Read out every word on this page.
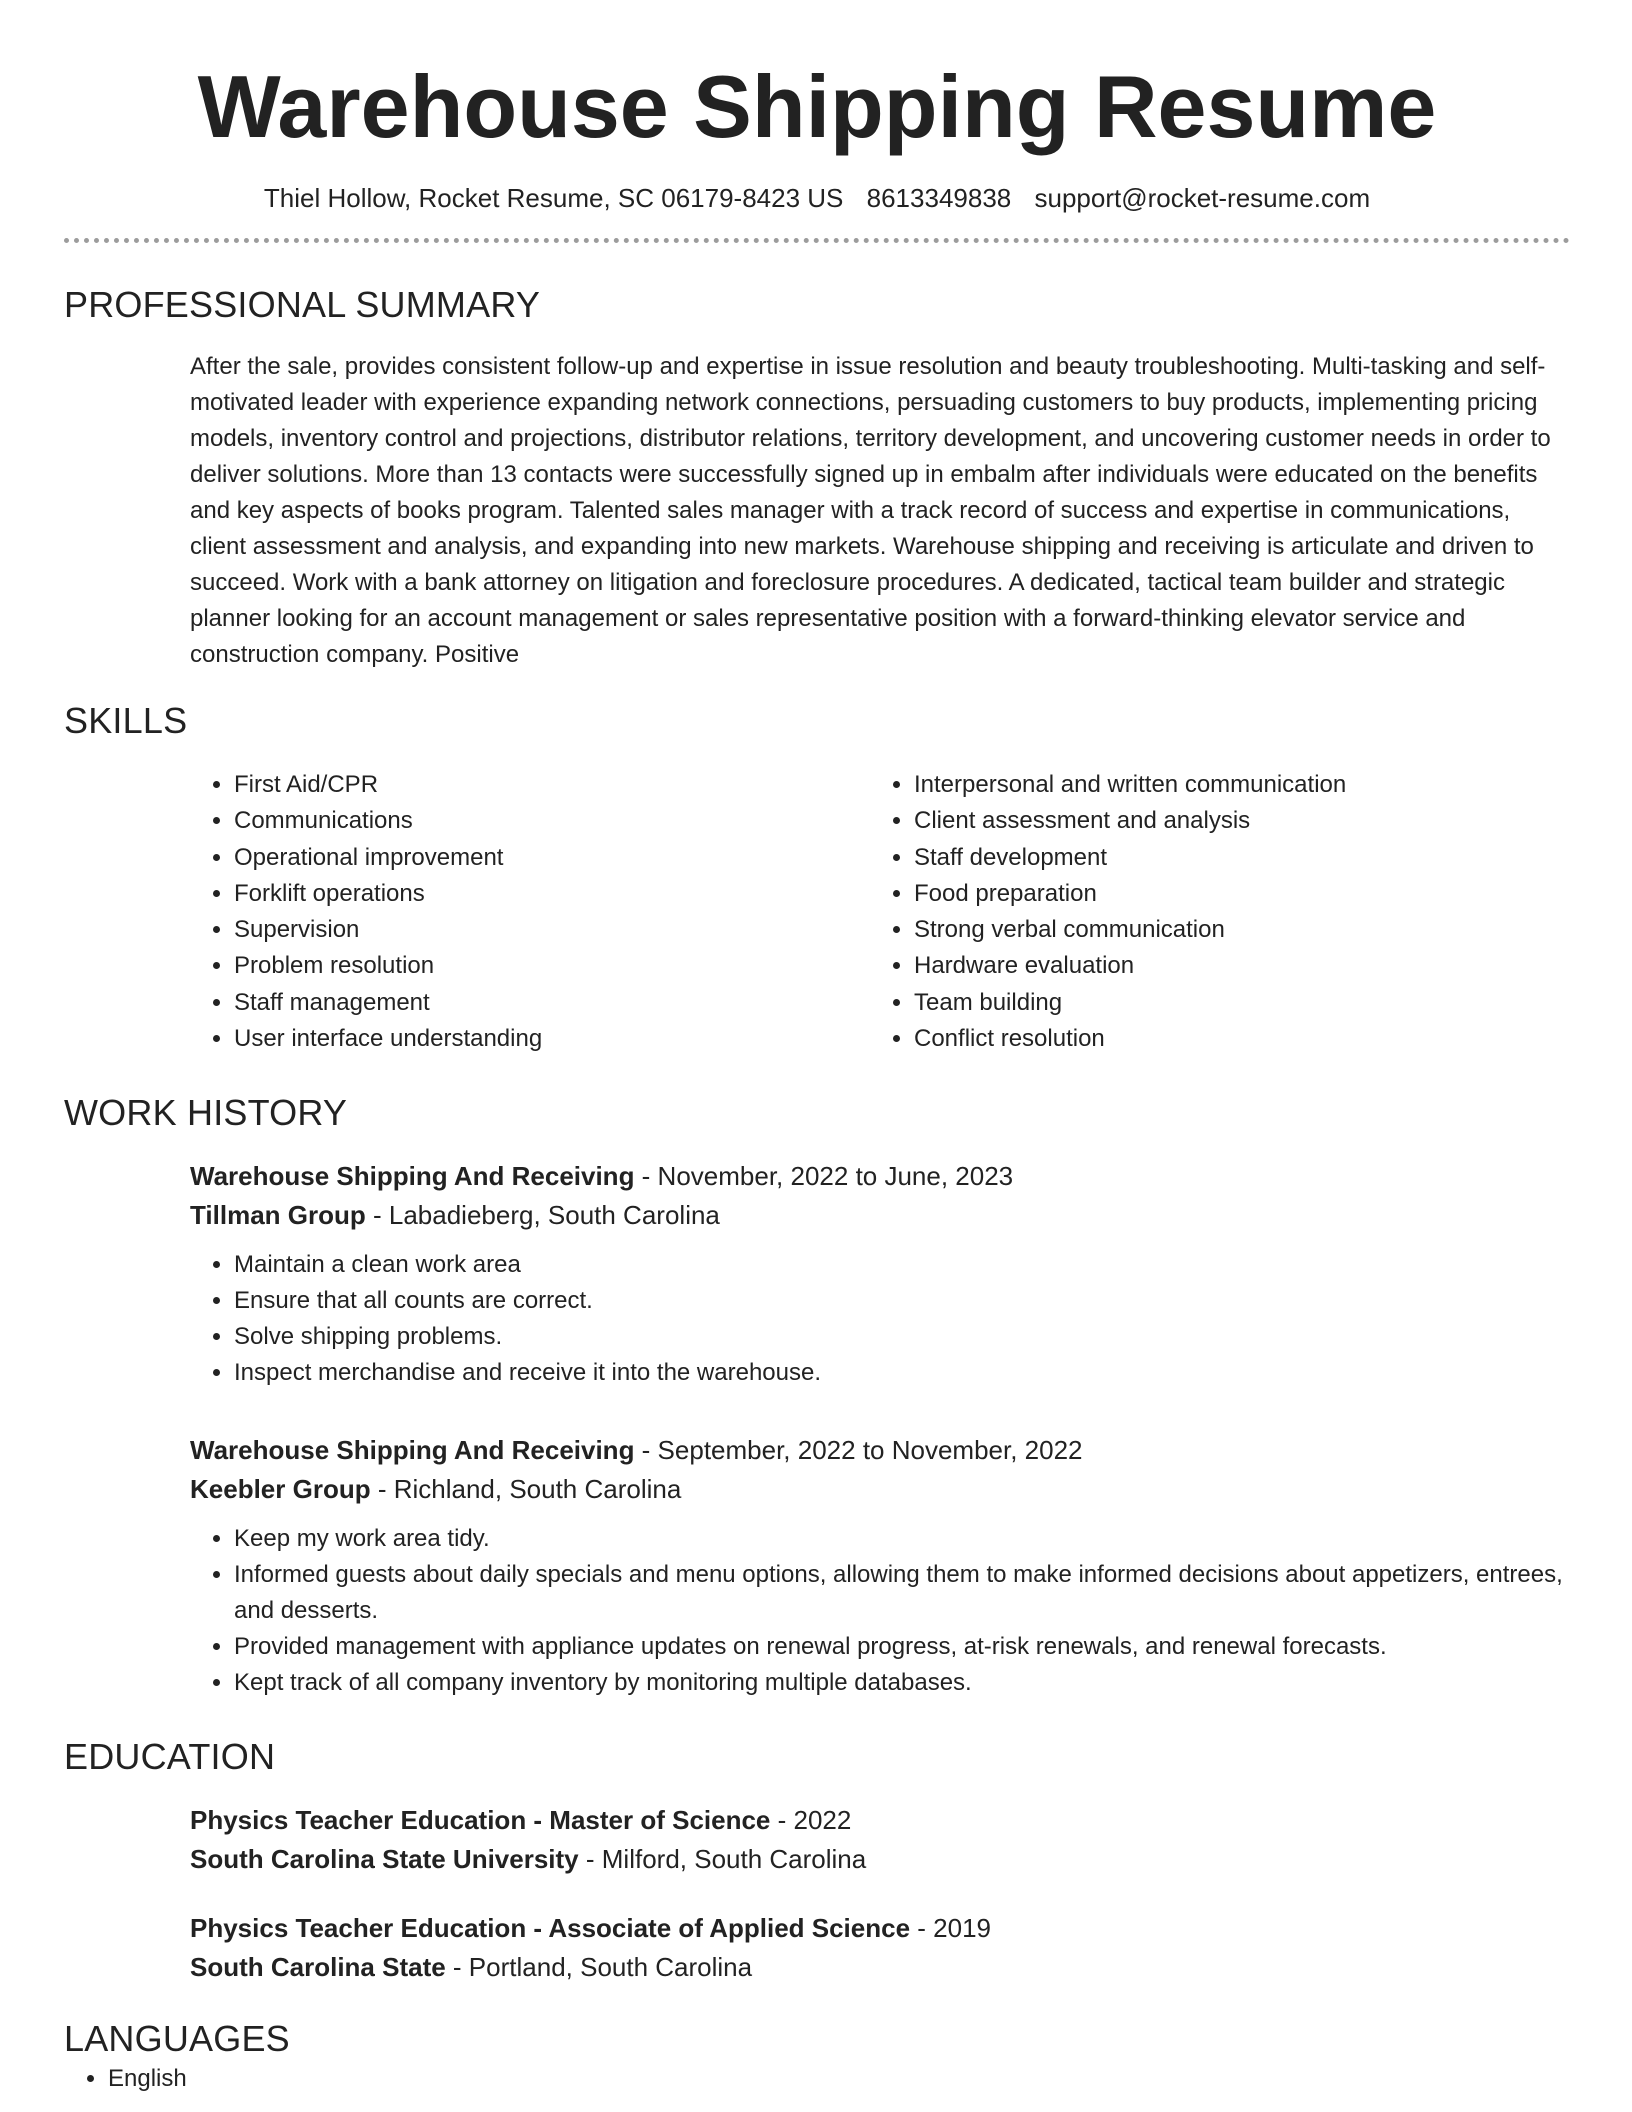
Warehouse Shipping Resume
Thiel Hollow, Rocket Resume, SC 06179-8423 US 8613349838 support@rocket-resume.com
PROFESSIONAL SUMMARY

After the sale, provides consistent follow-up and expertise in issue resolution and beauty troubleshooting. Multi-tasking and self-motivated leader with experience expanding network connections, persuading customers to buy products, implementing pricing models, inventory control and projections, distributor relations, territory development, and uncovering customer needs in order to deliver solutions. More than 13 contacts were successfully signed up in embalm after individuals were educated on the benefits and key aspects of books program. Talented sales manager with a track record of success and expertise in communications, client assessment and analysis, and expanding into new markets. Warehouse shipping and receiving is articulate and driven to succeed. Work with a bank attorney on litigation and foreclosure procedures. A dedicated, tactical team builder and strategic planner looking for an account management or sales representative position with a forward-thinking elevator service and construction company. Positive

SKILLS
• First Aid/CPR
• Communications
• Operational improvement
• Forklift operations
• Supervision
• Problem resolution
• Staff management
• User interface understanding
• Interpersonal and written communication
• Client assessment and analysis
• Staff development
• Food preparation
• Strong verbal communication
• Hardware evaluation
• Team building
• Conflict resolution
WORK HISTORY
Warehouse Shipping And Receiving - November, 2022 to June, 2023
Tillman Group - Labadieberg, South Carolina
• Maintain a clean work area
• Ensure that all counts are correct.
• Solve shipping problems.
• Inspect merchandise and receive it into the warehouse.
Warehouse Shipping And Receiving - September, 2022 to November, 2022
Keebler Group - Richland, South Carolina
• Keep my work area tidy.
• Informed guests about daily specials and menu options, allowing them to make informed decisions about appetizers, entrees, and desserts.
• Provided management with appliance updates on renewal progress, at-risk renewals, and renewal forecasts.
• Kept track of all company inventory by monitoring multiple databases.
EDUCATION
Physics Teacher Education - Master of Science - 2022
South Carolina State University - Milford, South Carolina
Physics Teacher Education - Associate of Applied Science - 2019
South Carolina State - Portland, South Carolina
LANGUAGES
• English
